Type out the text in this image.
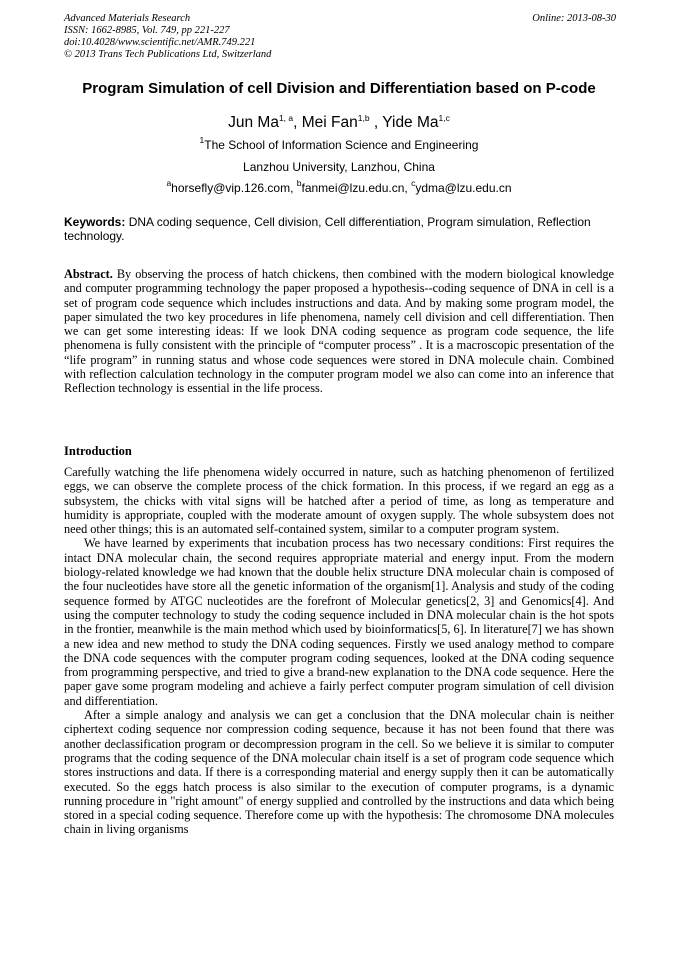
Advanced Materials Research
ISSN: 1662-8985, Vol. 749, pp 221-227
doi:10.4028/www.scientific.net/AMR.749.221
© 2013 Trans Tech Publications Ltd, Switzerland
Online: 2013-08-30
Program Simulation of cell Division and Differentiation based on P-code
Jun Ma$^{1, a}$, Mei Fan$^{1,b}$ , Yide Ma$^{1,c}$
$^1$The School of Information Science and Engineering
Lanzhou University, Lanzhou, China
$^a$horsefly@vip.126.com, $^b$fanmei@lzu.edu.cn, $^c$ydma@lzu.edu.cn
Keywords: DNA coding sequence, Cell division, Cell differentiation, Program simulation, Reflection technology.
Abstract. By observing the process of hatch chickens, then combined with the modern biological knowledge and computer programming technology the paper proposed a hypothesis--coding sequence of DNA in cell is a set of program code sequence which includes instructions and data. And by making some program model, the paper simulated the two key procedures in life phenomena, namely cell division and cell differentiation. Then we can get some interesting ideas: If we look DNA coding sequence as program code sequence, the life phenomena is fully consistent with the principle of “computer process” . It is a macroscopic presentation of the “life program” in running status and whose code sequences were stored in DNA molecule chain. Combined with reflection calculation technology in the computer program model we also can come into an inference that Reflection technology is essential in the life process.
Introduction

Carefully watching the life phenomena widely occurred in nature, such as hatching phenomenon of fertilized eggs, we can observe the complete process of the chick formation. In this process, if we regard an egg as a subsystem, the chicks with vital signs will be hatched after a period of time, as long as temperature and humidity is appropriate, coupled with the moderate amount of oxygen supply. The whole subsystem does not need other things; this is an automated self-contained system, similar to a computer program system.

We have learned by experiments that incubation process has two necessary conditions: First requires the intact DNA molecular chain, the second requires appropriate material and energy input. From the modern biology-related knowledge we had known that the double helix structure DNA molecular chain is composed of the four nucleotides have store all the genetic information of the organism[1]. Analysis and study of the coding sequence formed by ATGC nucleotides are the forefront of Molecular genetics[2, 3] and Genomics[4]. And using the computer technology to study the coding sequence included in DNA molecular chain is the hot spots in the frontier, meanwhile is the main method which used by bioinformatics[5, 6]. In literature[7] we has shown a new idea and new method to study the DNA coding sequences. Firstly we used analogy method to compare the DNA code sequences with the computer program coding sequences, looked at the DNA coding sequence from programming perspective, and tried to give a brand-new explanation to the DNA code sequence. Here the paper gave some program modeling and achieve a fairly perfect computer program simulation of cell division and differentiation.

After a simple analogy and analysis we can get a conclusion that the DNA molecular chain is neither ciphertext coding sequence nor compression coding sequence, because it has not been found that there was another declassification program or decompression program in the cell. So we believe it is similar to computer programs that the coding sequence of the DNA molecular chain itself is a set of program code sequence which stores instructions and data. If there is a corresponding material and energy supply then it can be automatically executed. So the eggs hatch process is also similar to the execution of computer programs, is a dynamic running procedure in "right amount" of energy supplied and controlled by the instructions and data which being stored in a special coding sequence. Therefore come up with the hypothesis: The chromosome DNA molecules chain in living organisms
